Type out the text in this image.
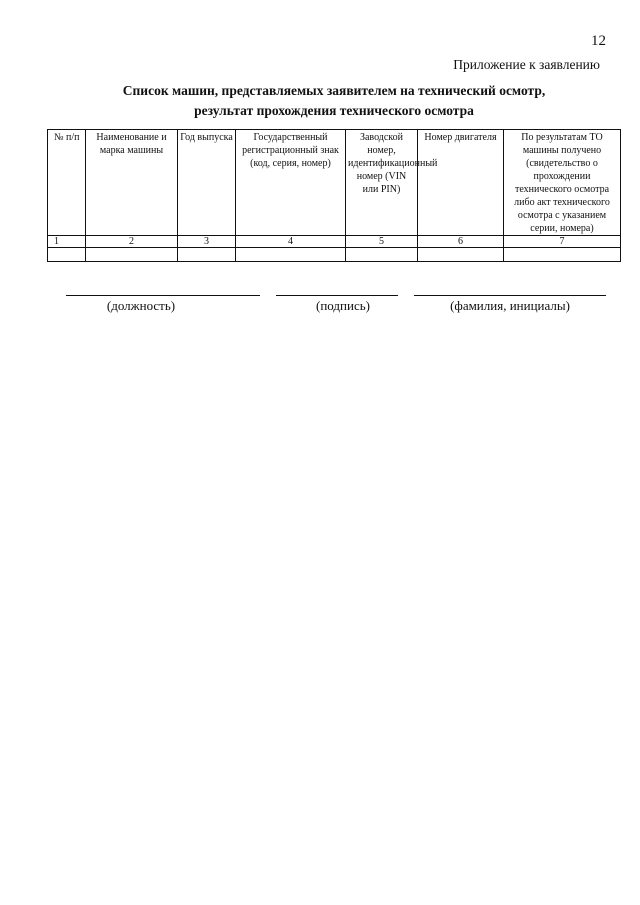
12
Приложение к заявлению
Список машин, представляемых заявителем на технический осмотр,
результат прохождения технического осмотра
№ п/п	Наименование и марка машины	Год выпуска	Государственный регистрационный знак (код, серия, номер)	Заводской номер, идентификационный номер (VIN или PIN)	Номер двигателя	По результатам ТО машины получено (свидетельство о прохождении технического осмотра либо акт технического осмотра с указанием серии, номера)
1	2	3	4	5	6	7

(должность)	(подпись)	(фамилия, инициалы)
